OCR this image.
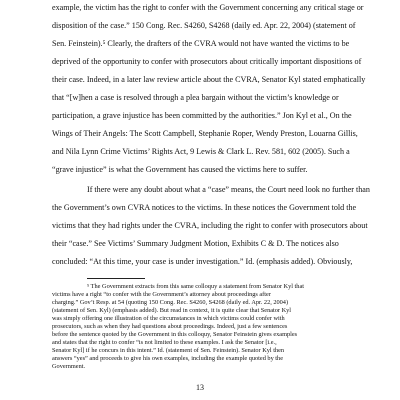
example, the victim has the right to confer with the Government concerning any critical stage or
disposition of the case.” 150 Cong. Rec. S4260, S4268 (daily ed. Apr. 22, 2004) (statement of
Sen. Feinstein).⁵ Clearly, the drafters of the CVRA would not have wanted the victims to be
deprived of the opportunity to confer with prosecutors about critically important dispositions of
their case. Indeed, in a later law review article about the CVRA, Senator Kyl stated emphatically
that “[w]hen a case is resolved through a plea bargain without the victim’s knowledge or
participation, a grave injustice has been committed by the authorities.” Jon Kyl et al., On the
Wings of Their Angels: The Scott Campbell, Stephanie Roper, Wendy Preston, Louarna Gillis,
and Nila Lynn Crime Victims’ Rights Act, 9 Lewis & Clark L. Rev. 581, 602 (2005). Such a
“grave injustice” is what the Government has caused the victims here to suffer.
If there were any doubt about what a “case” means, the Court need look no further than
the Government’s own CVRA notices to the victims. In these notices the Government told the
victims that they had rights under the CVRA, including the right to confer with prosecutors about
⁵ The Government extracts from this same colloquy a statement from Senator Kyl that
victims have a right “to confer with the Government’s attorney about proceedings after
charging.” Gov’t Resp. at 54 (quoting 150 Cong. Rec. S4260, S4268 (daily ed. Apr. 22, 2004)
(statement of Sen. Kyl) (emphasis added). But read in context, it is quite clear that Senator Kyl
was simply offering one illustration of the circumstances in which victims could confer with
prosecutors, such as when they had questions about proceedings. Indeed, just a few sentences
before the sentence quoted by the Government in this colloquy, Senator Feinstein gives examples
and states that the right to confer “is not limited to these examples. I ask the Senator [i.e.,
Senator Kyl] if he concurs in this intent.” Id. (statement of Sen. Feinstein). Senator Kyl then
answers “yes” and proceeds to give his own examples, including the example quoted by the
Government.
13
their “case.” See Victims’ Summary Judgment Motion, Exhibits C & D. The notices also
concluded: “At this time, your case is under investigation.” Id. (emphasis added). Obviously,
